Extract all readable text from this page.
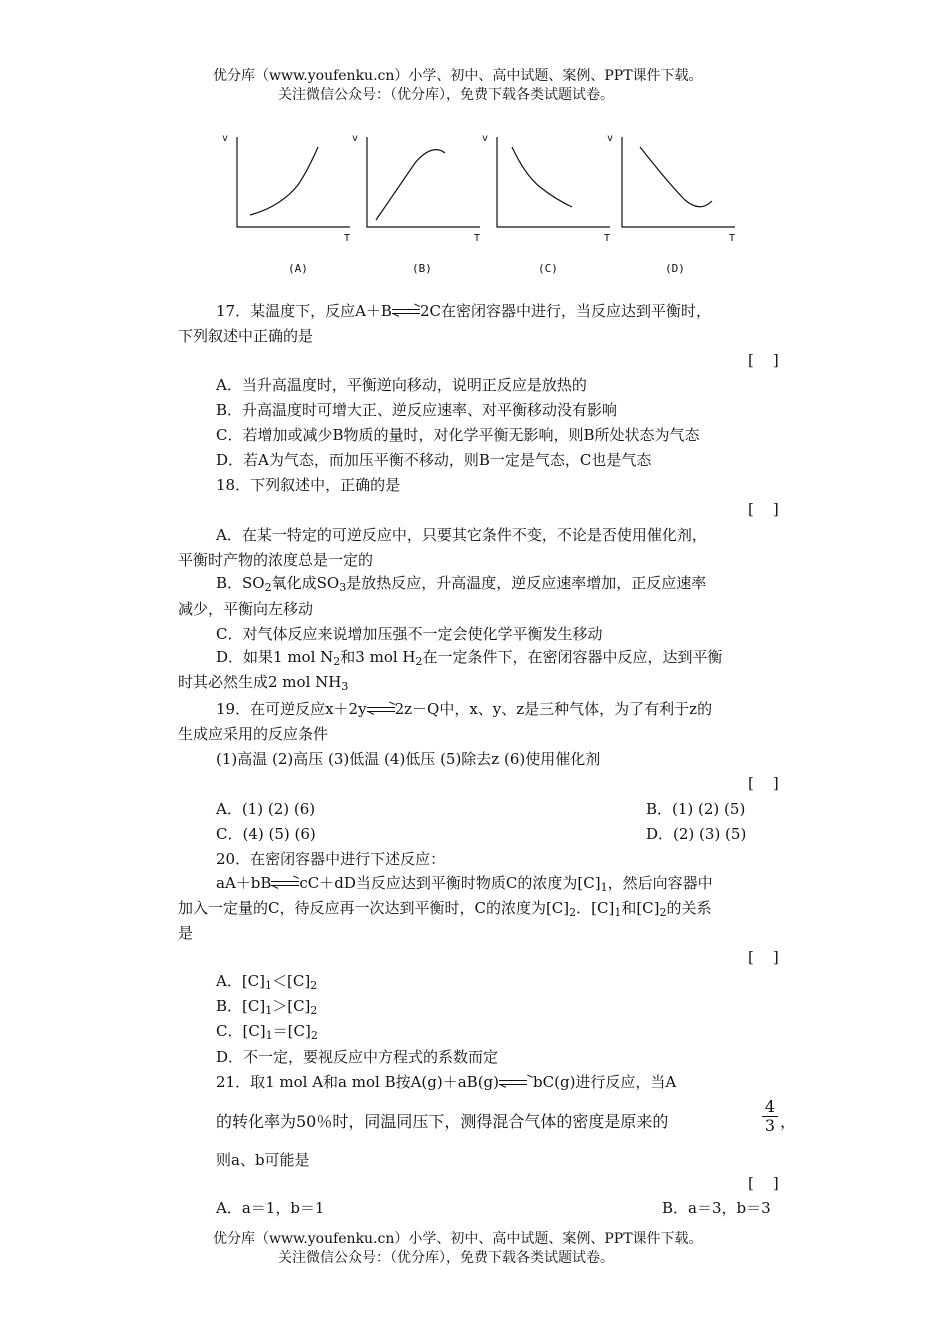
优分库（www.youfenku.cn）小学、初中、高中试题、案例、PPT课件下载。
关注微信公众号：（优分库），免费下载各类试题试卷。
v
T
v
T
v
T
v
T
(A)	(B)	(C)	(D)
17．某温度下，反应A＋B 2C在密闭容器中进行，当反应达到平衡时，
下列叙述中正确的是
[    ]
A．当升高温度时，平衡逆向移动，说明正反应是放热的
B．升高温度时可增大正、逆反应速率、对平衡移动没有影响
C．若增加或减少B物质的量时，对化学平衡无影响，则B所处状态为气态
D．若A为气态，而加压平衡不移动，则B一定是气态，C也是气态
18．下列叙述中，正确的是
[    ]
A．在某一特定的可逆反应中，只要其它条件不变，不论是否使用催化剂，
平衡时产物的浓度总是一定的
B．$SO_2$氧化成$SO_3$是放热反应，升高温度，逆反应速率增加，正反应速率
减少，平衡向左移动
C．对气体反应来说增加压强不一定会使化学平衡发生移动
D．如果1 mol $N_2$和3 mol $H_2$在一定条件下，在密闭容器中反应，达到平衡
时其必然生成2 mol $NH_3$
19．在可逆反应x＋2y 2z－Q中，x、y、z是三种气体，为了有利于z的
生成应采用的反应条件
(1)高温 (2)高压 (3)低温 (4)低压 (5)除去z (6)使用催化剂
[    ]
A．(1) (2) (6)	B．(1) (2) (5)
C．(4) (5) (6)	D．(2) (3) (5)
20．在密闭容器中进行下述反应：
aA＋bB cC＋dD当反应达到平衡时物质C的浓度为$[C]_1$，然后向容器中
加入一定量的C，待反应再一次达到平衡时，C的浓度为$[C]_2$．$[C]_1$和$[C]_2$的关系
是
[    ]
A．$[C]_1<[C]_2$
B．$[C]_1>[C]_2$
C．$[C]_1=[C]_2$
D．不一定，要视反应中方程式的系数而定
21．取1 mol A和a mol B按A(g)＋aB(g) bC(g)进行反应，当A
的转化率为50％时，同温同压下，测得混合气体的密度是原来的
4
3 ，
则a、b可能是
[    ]
A．a＝1，b＝1	B．a＝3，b＝3
优分库（www.youfenku.cn）小学、初中、高中试题、案例、PPT课件下载。
关注微信公众号：（优分库），免费下载各类试题试卷。
